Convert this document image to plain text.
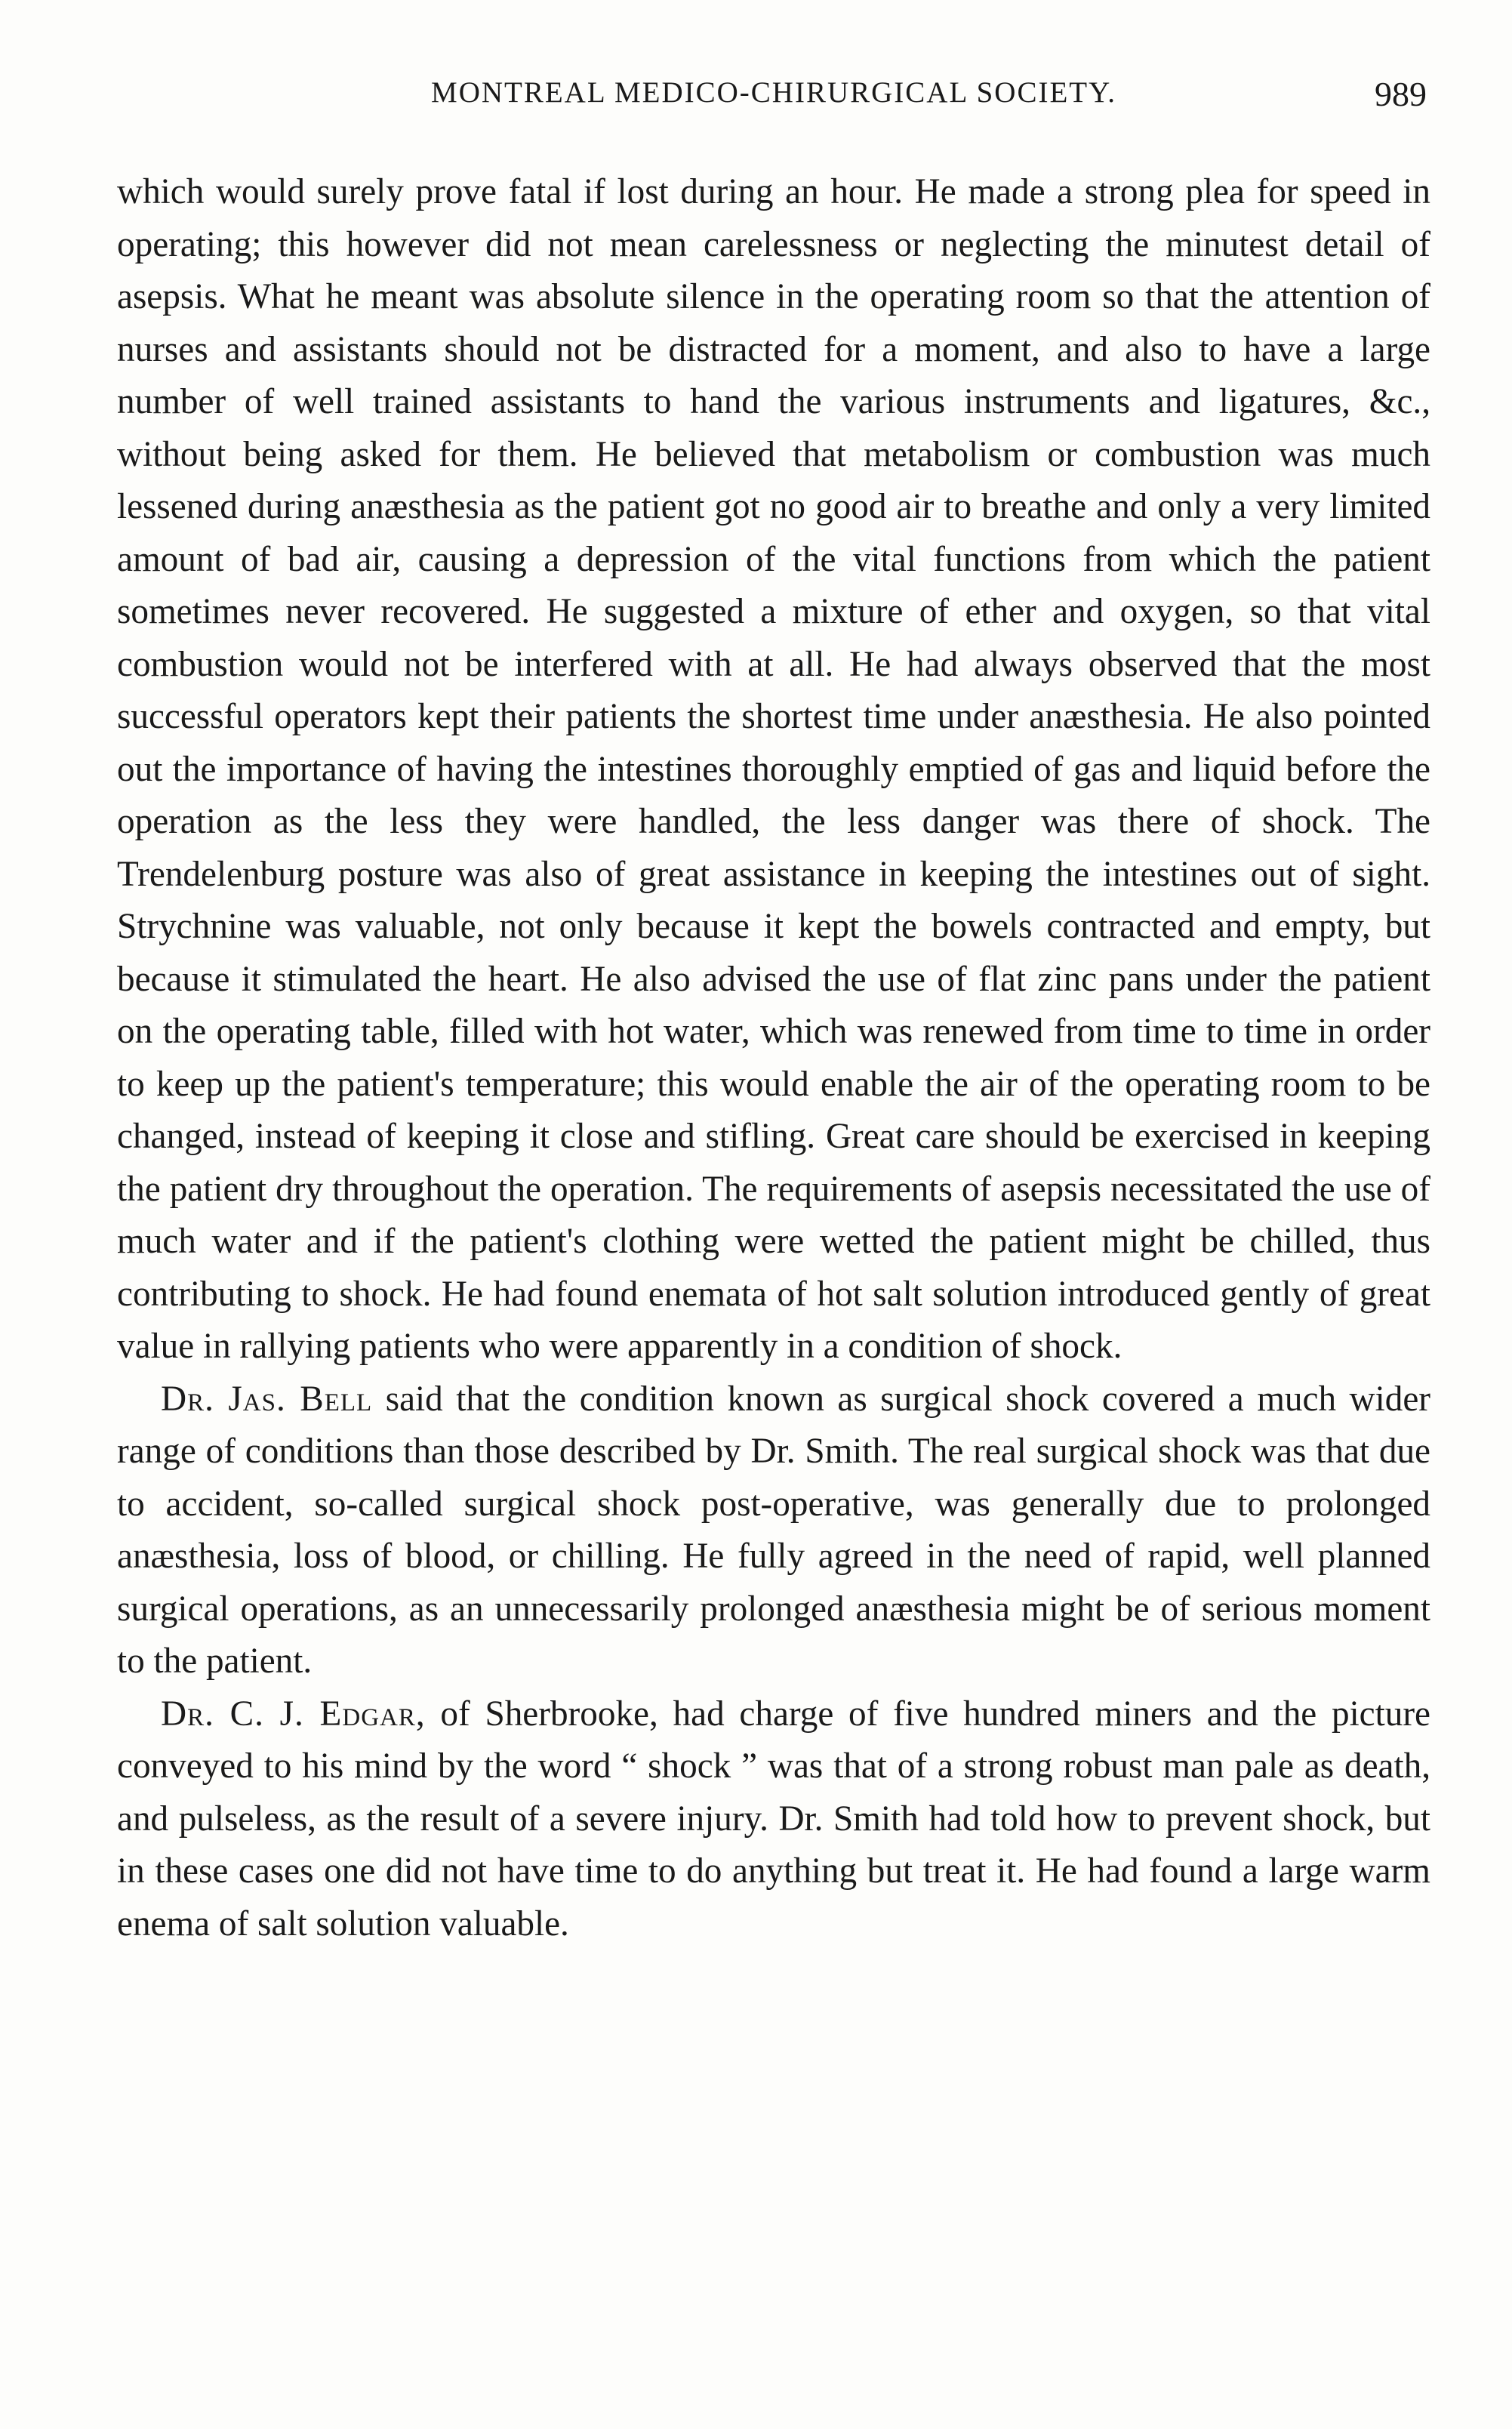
MONTREAL MEDICO-CHIRURGICAL SOCIETY.	989

which would surely prove fatal if lost during an hour. He made a strong plea for speed in operating; this however did not mean carelessness or neglecting the minutest detail of asepsis. What he meant was absolute silence in the operating room so that the attention of nurses and assistants should not be distracted for a moment, and also to have a large number of well trained assistants to hand the various instruments and ligatures, &c., without being asked for them. He believed that metabolism or combustion was much lessened during anæsthesia as the patient got no good air to breathe and only a very limited amount of bad air, causing a depression of the vital functions from which the patient sometimes never recovered. He suggested a mixture of ether and oxygen, so that vital combustion would not be interfered with at all. He had always observed that the most successful operators kept their patients the shortest time under anæsthesia. He also pointed out the importance of having the intestines thoroughly emptied of gas and liquid before the operation as the less they were handled, the less danger was there of shock. The Trendelenburg posture was also of great assistance in keeping the intestines out of sight. Strychnine was valuable, not only because it kept the bowels contracted and empty, but because it stimulated the heart. He also advised the use of flat zinc pans under the patient on the operating table, filled with hot water, which was renewed from time to time in order to keep up the patient's temperature; this would enable the air of the operating room to be changed, instead of keeping it close and stifling. Great care should be exercised in keeping the patient dry throughout the operation. The requirements of asepsis necessitated the use of much water and if the patient's clothing were wetted the patient might be chilled, thus contributing to shock. He had found enemata of hot salt solution introduced gently of great value in rallying patients who were apparently in a condition of shock.

Dr. Jas. Bell said that the condition known as surgical shock covered a much wider range of conditions than those described by Dr. Smith. The real surgical shock was that due to accident, so-called surgical shock post-operative, was generally due to prolonged anæsthesia, loss of blood, or chilling. He fully agreed in the need of rapid, well planned surgical operations, as an unnecessarily prolonged anæsthesia might be of serious moment to the patient.

Dr. C. J. Edgar, of Sherbrooke, had charge of five hundred miners and the picture conveyed to his mind by the word “ shock ” was that of a strong robust man pale as death, and pulseless, as the result of a severe injury. Dr. Smith had told how to prevent shock, but in these cases one did not have time to do anything but treat it. He had found a large warm enema of salt solution valuable.
